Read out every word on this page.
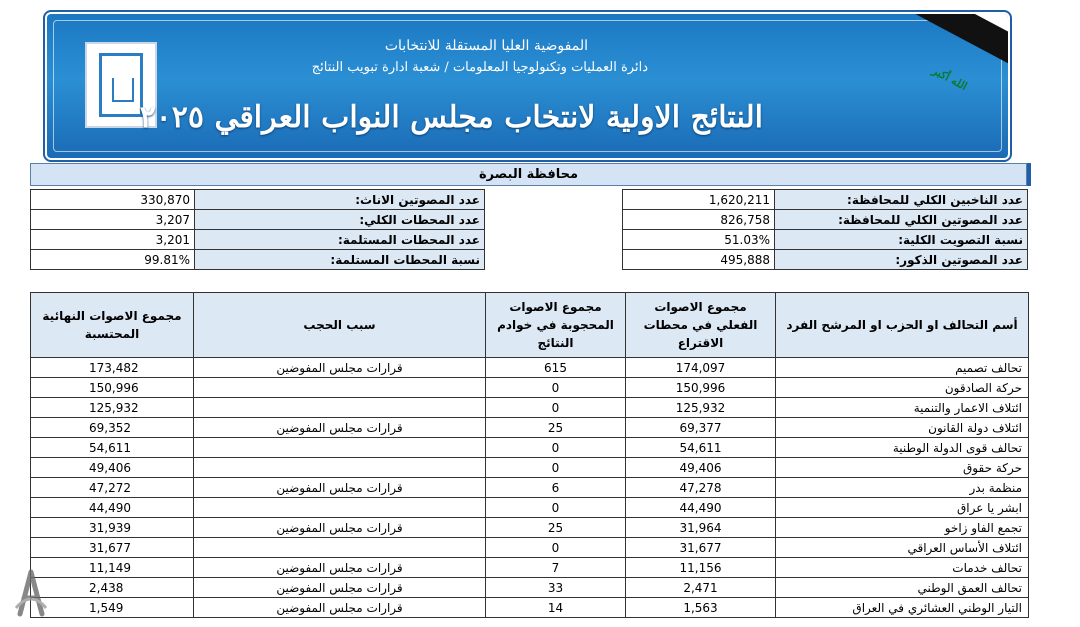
المفوضية العليا المستقلة للانتخابات
دائرة العمليات وتكنولوجيا المعلومات / شعبة ادارة تبويب النتائج
النتائج الاولية لانتخاب مجلس النواب العراقي ٢٠٢٥
الله أكبر
محافظة البصرة
1,620,211	عدد الناخبين الكلي للمحافظة:
826,758	عدد المصوتين الكلي للمحافظة:
51.03%	نسبة التصويت الكلية:
495,888	عدد المصوتين الذكور:
330,870	عدد المصوتين الاناث:
3,207	عدد المحطات الكلي:
3,201	عدد المحطات المستلمة:
99.81%	نسبة المحطات المستلمة:
مجموع الاصوات النهائية المحتسبة	سبب الحجب	مجموع الاصوات المحجوبة في خوادم النتائج	مجموع الاصوات الفعلي في محطات الاقتراع	أسم التحالف او الحزب او المرشح الفرد
173,482	قرارات مجلس المفوضين	615	174,097	تحالف تصميم
150,996		0	150,996	حركة الصادقون
125,932		0	125,932	ائتلاف الاعمار والتنمية
69,352	قرارات مجلس المفوضين	25	69,377	ائتلاف دولة القانون
54,611		0	54,611	تحالف قوى الدولة الوطنية
49,406		0	49,406	حركة حقوق
47,272	قرارات مجلس المفوضين	6	47,278	منظمة بدر
44,490		0	44,490	ابشر يا عراق
31,939	قرارات مجلس المفوضين	25	31,964	تجمع الفاو زاخو
31,677		0	31,677	ائتلاف الأساس العراقي
11,149	قرارات مجلس المفوضين	7	11,156	تحالف خدمات
2,438	قرارات مجلس المفوضين	33	2,471	تحالف العمق الوطني
1,549	قرارات مجلس المفوضين	14	1,563	التيار الوطني العشائري في العراق
